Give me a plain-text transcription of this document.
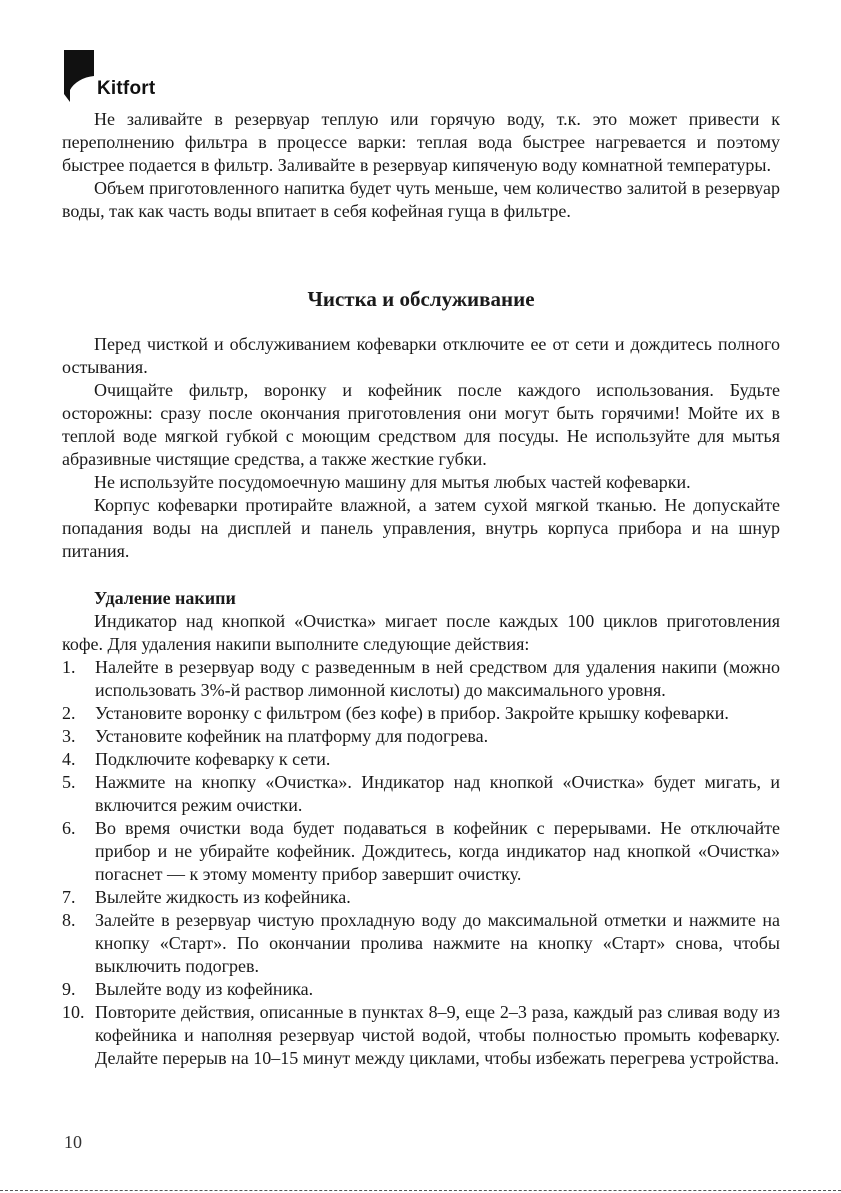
Kitfort

Не заливайте в резервуар теплую или горячую воду, т.к. это может привести к переполнению фильтра в процессе варки: теплая вода быстрее нагревается и поэтому быстрее подается в фильтр. Заливайте в резервуар кипяченую воду комнатной температуры.

Объем приготовленного напитка будет чуть меньше, чем количество залитой в резервуар воды, так как часть воды впитает в себя кофейная гуща в фильтре.

Чистка и обслуживание

Перед чисткой и обслуживанием кофеварки отключите ее от сети и дождитесь полного остывания.

Очищайте фильтр, воронку и кофейник после каждого использования. Будьте осторожны: сразу после окончания приготовления они могут быть горячими! Мойте их в теплой воде мягкой губкой с моющим средством для посуды. Не используйте для мытья абразивные чистящие средства, а также жесткие губки.

Не используйте посудомоечную машину для мытья любых частей кофеварки.

Корпус кофеварки протирайте влажной, а затем сухой мягкой тканью. Не допускайте попадания воды на дисплей и панель управления, внутрь корпуса прибора и на шнур питания.

Удаление накипи

Индикатор над кнопкой «Очистка» мигает после каждых 100 циклов приготовления кофе. Для удаления накипи выполните следующие действия:

1. Налейте в резервуар воду с разведенным в ней средством для удаления накипи (можно использовать 3%-й раствор лимонной кислоты) до максимального уровня.
2. Установите воронку с фильтром (без кофе) в прибор. Закройте крышку кофеварки.
3. Установите кофейник на платформу для подогрева.
4. Подключите кофеварку к сети.
5. Нажмите на кнопку «Очистка». Индикатор над кнопкой «Очистка» будет мигать, и включится режим очистки.
6. Во время очистки вода будет подаваться в кофейник с перерывами. Не отключайте прибор и не убирайте кофейник. Дождитесь, когда индикатор над кнопкой «Очистка» погаснет — к этому моменту прибор завершит очистку.
7. Вылейте жидкость из кофейника.
8. Залейте в резервуар чистую прохладную воду до максимальной отметки и нажмите на кнопку «Старт». По окончании пролива нажмите на кнопку «Старт» снова, чтобы выключить подогрев.
9. Вылейте воду из кофейника.
10. Повторите действия, описанные в пунктах 8–9, еще 2–3 раза, каждый раз сливая воду из кофейника и наполняя резервуар чистой водой, чтобы полностью промыть кофеварку. Делайте перерыв на 10–15 минут между циклами, чтобы избежать перегрева устройства.
10
